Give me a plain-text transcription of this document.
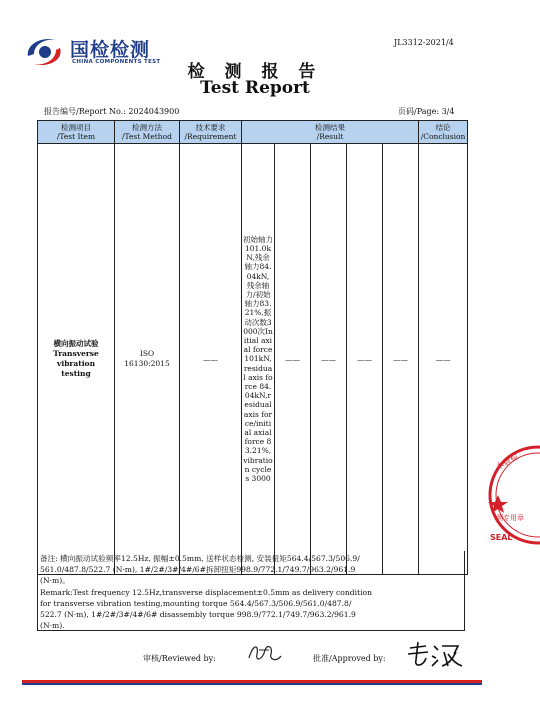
国检检测
CHINA COMPONENTS TEST
JL3312-2021/4
检 测 报 告
Test Report
报告编号/Report No.: 2024043900	页码/Page: 3/4
检测项目
/Test Item	检测方法
/Test Method	技术要求
/Requirement	检测结果
/Result					结论
/Conclusion

横向振动试验
Transverse
vibration
testing	ISO
16130:2015	——	初始轴力101.0kN,残余轴力84.04kN,残余轴力/初始轴力83.21%,振动次数3000次Initial axial force 101kN,residual axis force 84.04kN,residual axis force/initial axial force 83.21%,vibration cycles 3000	——	——	——	——	——
备注: 横向振动试验频率12.5Hz, 振幅±0.5mm, 送样状态检测, 安装扭矩564.4/567.3/506.9/
561.0/487.8/522.7 (N·m), 1#/2#/3#/4#/6#拆卸扭矩998.9/772.1/749.7/963.2/961.9
(N·m)。
Remark:Test frequency 12.5Hz,transverse displacement±0.5mm as delivery condition
for transverse vibration testing,mounting torque 564.4/567.3/506.9/561.0/487.8/
522.7 (N·m), 1#/2#/3#/4#/6# disassembly torque 998.9/772.1/749.7/963.2/961.9
(N·m).
审核/Reviewed by:	批准/Approved by:
木晨检
测专用章
SEAL
